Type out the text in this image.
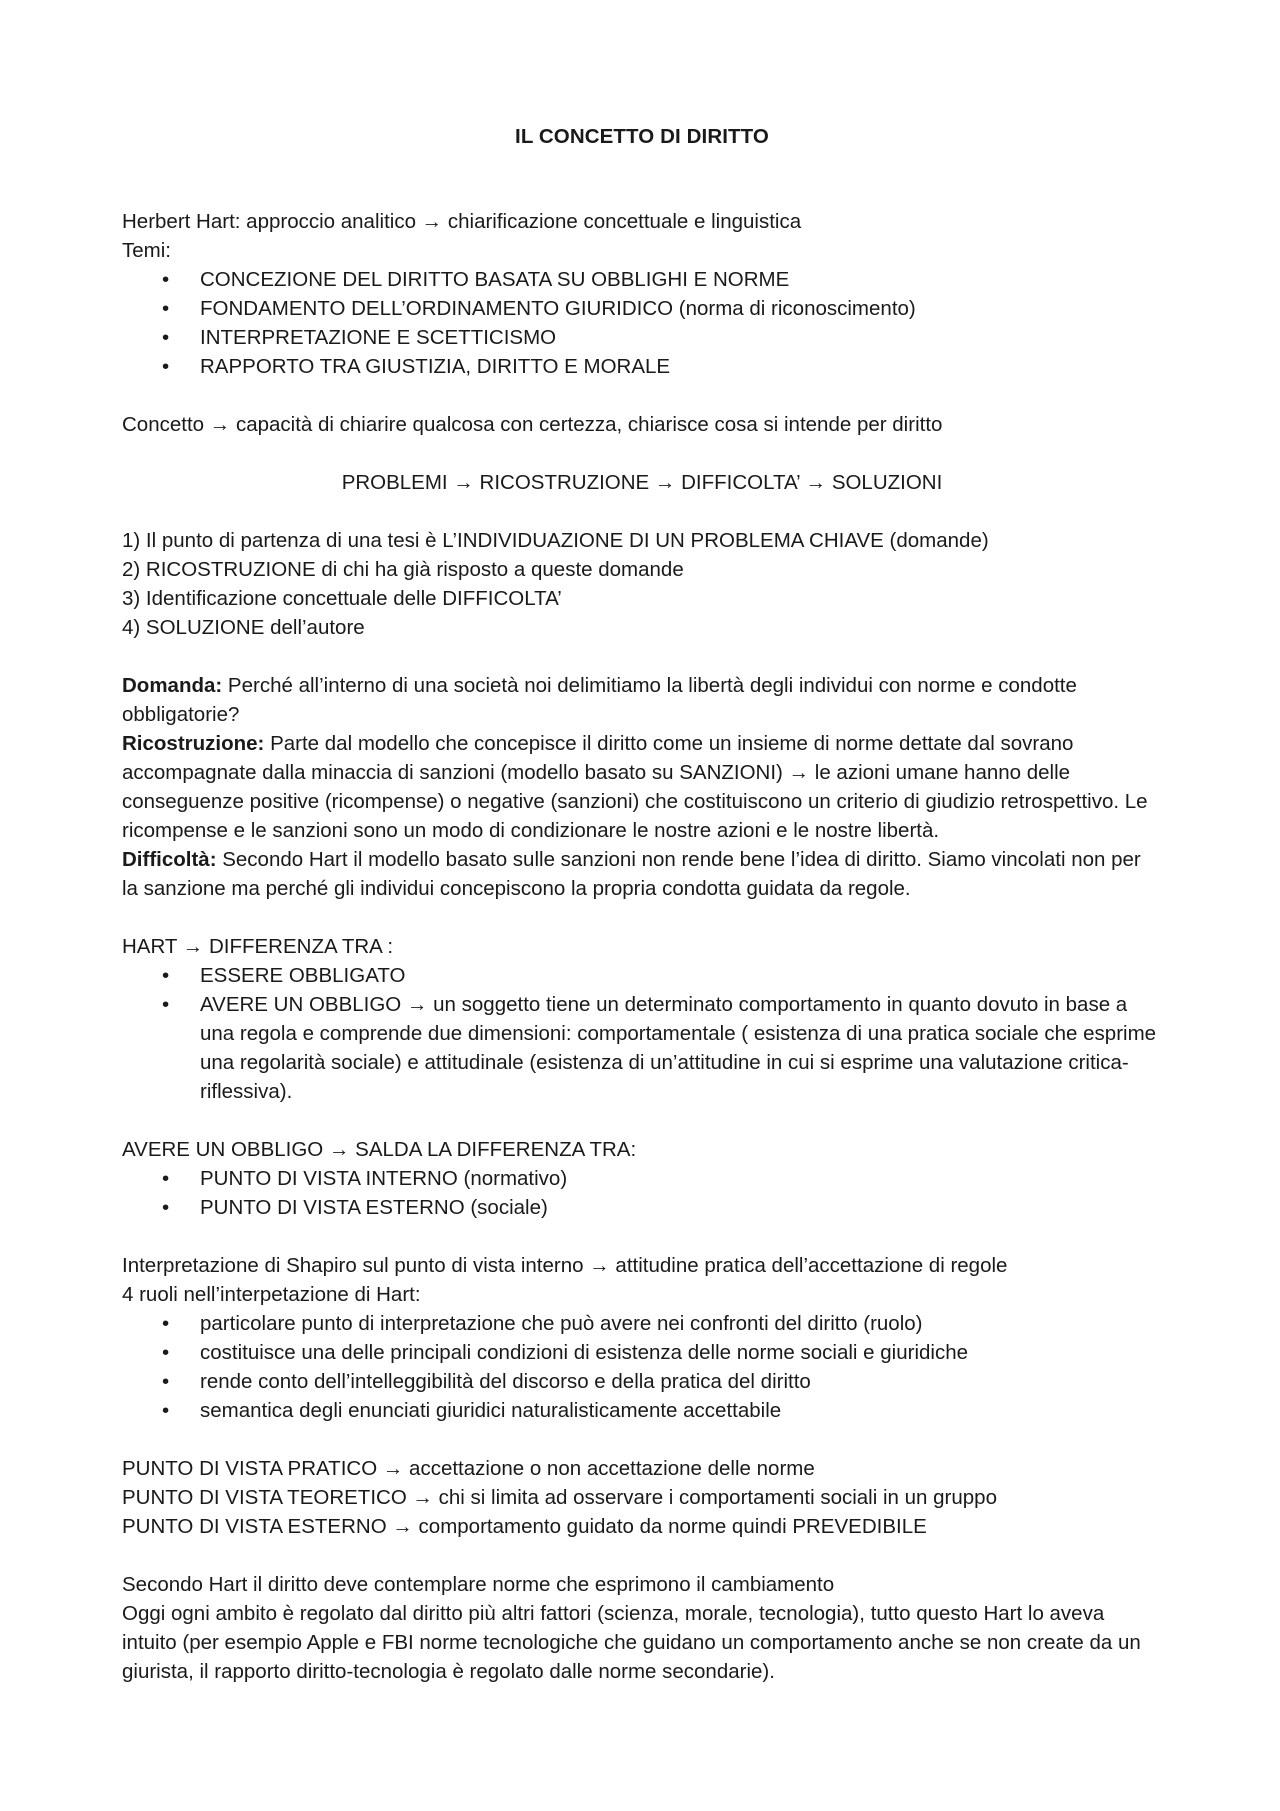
IL CONCETTO DI DIRITTO

Herbert Hart: approccio analitico → chiarificazione concettuale e linguistica

Temi:

• CONCEZIONE DEL DIRITTO BASATA SU OBBLIGHI E NORME
• FONDAMENTO DELL’ORDINAMENTO GIURIDICO (norma di riconoscimento)
• INTERPRETAZIONE E SCETTICISMO
• RAPPORTO TRA GIUSTIZIA, DIRITTO E MORALE

Concetto → capacità di chiarire qualcosa con certezza, chiarisce cosa si intende per diritto

PROBLEMI → RICOSTRUZIONE → DIFFICOLTA’ → SOLUZIONI

1) Il punto di partenza di una tesi è L’INDIVIDUAZIONE DI UN PROBLEMA CHIAVE (domande)

2) RICOSTRUZIONE di chi ha già risposto a queste domande

3) Identificazione concettuale delle DIFFICOLTA’

4) SOLUZIONE dell’autore

Domanda: Perché all’interno di una società noi delimitiamo la libertà degli individui con norme e condotte obbligatorie?

Ricostruzione: Parte dal modello che concepisce il diritto come un insieme di norme dettate dal sovrano accompagnate dalla minaccia di sanzioni (modello basato su SANZIONI) → le azioni umane hanno delle conseguenze positive (ricompense) o negative (sanzioni) che costituiscono un criterio di giudizio retrospettivo. Le ricompense e le sanzioni sono un modo di condizionare le nostre azioni e le nostre libertà.

Difficoltà: Secondo Hart il modello basato sulle sanzioni non rende bene l’idea di diritto. Siamo vincolati non per la sanzione ma perché gli individui concepiscono la propria condotta guidata da regole.

HART → DIFFERENZA TRA :

• ESSERE OBBLIGATO
• AVERE UN OBBLIGO → un soggetto tiene un determinato comportamento in quanto dovuto in base a una regola e comprende due dimensioni: comportamentale ( esistenza di una pratica sociale che esprime una regolarità sociale) e attitudinale (esistenza di un’attitudine in cui si esprime una valutazione critica-riflessiva).

AVERE UN OBBLIGO → SALDA LA DIFFERENZA TRA:

• PUNTO DI VISTA INTERNO (normativo)
• PUNTO DI VISTA ESTERNO (sociale)

Interpretazione di Shapiro sul punto di vista interno → attitudine pratica dell’accettazione di regole

4 ruoli nell’interpetazione di Hart:

• particolare punto di interpretazione che può avere nei confronti del diritto (ruolo)
• costituisce una delle principali condizioni di esistenza delle norme sociali e giuridiche
• rende conto dell’intelleggibilità del discorso e della pratica del diritto
• semantica degli enunciati giuridici naturalisticamente accettabile

PUNTO DI VISTA PRATICO → accettazione o non accettazione delle norme

PUNTO DI VISTA TEORETICO → chi si limita ad osservare i comportamenti sociali in un gruppo

PUNTO DI VISTA ESTERNO → comportamento guidato da norme quindi PREVEDIBILE

Secondo Hart il diritto deve contemplare norme che esprimono il cambiamento

Oggi ogni ambito è regolato dal diritto più altri fattori (scienza, morale, tecnologia), tutto questo Hart lo aveva intuito (per esempio Apple e FBI norme tecnologiche che guidano un comportamento anche se non create da un giurista, il rapporto diritto-tecnologia è regolato dalle norme secondarie).
